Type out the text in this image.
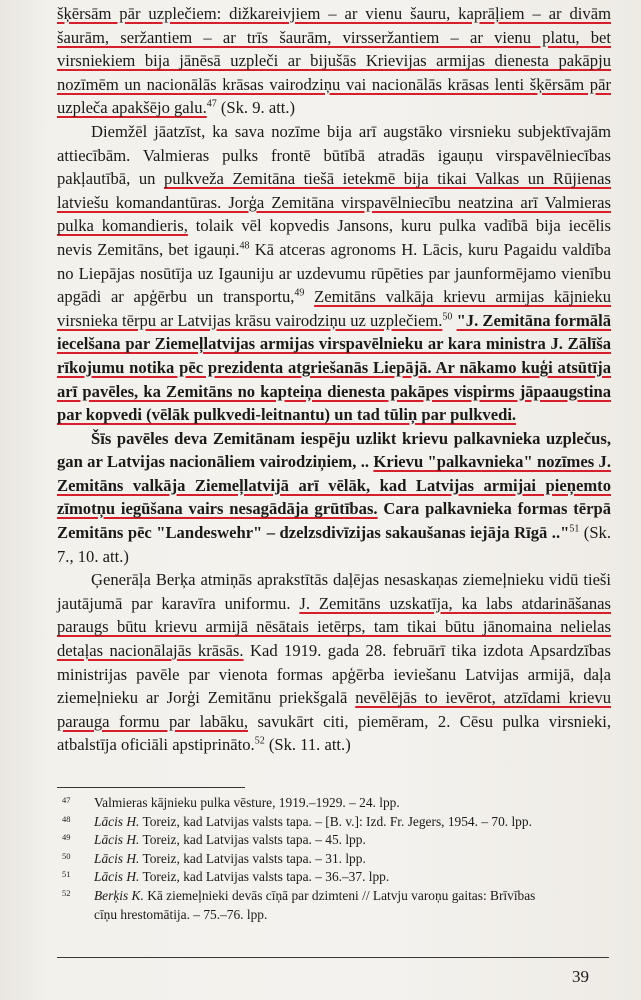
šķērsām pār uzplečiem: dižkareivjiem – ar vienu šauru, kaprāļiem – ar divām šaurām, seržantiem – ar trīs šaurām, virsseržantiem – ar vienu platu, bet virsniekiem bija jānēsā uzpleči ar bijušās Krievijas armijas dienesta pakāpju nozīmēm un nacionālās krāsas vairodziņu vai nacionālās krāsas lenti šķērsām pār uzpleča apakšējo galu.$^{47}$ (Sk. 9. att.)

Diemžēl jāatzīst, ka sava nozīme bija arī augstāko virsnieku subjektīvajām attiecībām. Valmieras pulks frontē būtībā atradās igauņu virspavēlniecības pakļautībā, un pulkveža Zemitāna tiešā ietekmē bija tikai Valkas un Rūjienas latviešu komandantūras. Jorģa Zemitāna virspavēlniecību neatzina arī Valmieras pulka komandieris, tolaik vēl kopvedis Jansons, kuru pulka vadībā bija iecēlis nevis Zemitāns, bet igauņi.$^{48}$ Kā atceras agronoms H. Lācis, kuru Pagaidu valdība no Liepājas nosūtīja uz Igauniju ar uzdevumu rūpēties par jaunformējamo vienību apgādi ar apģērbu un transportu,$^{49}$ Zemitāns valkāja krievu armijas kājnieku virsnieka tērpu ar Latvijas krāsu vairodziņu uz uzplečiem.$^{50}$ "J. Zemitāna formālā iecelšana par Ziemeļlatvijas armijas virspavēlnieku ar kara ministra J. Zālīša rīkojumu notika pēc prezidenta atgriešanās Liepājā. Ar nākamo kuģi atsūtīja arī pavēles, ka Zemitāns no kapteiņa dienesta pakāpes vispirms jāpaaugstina par kopvedi (vēlāk pulkvedi-leitnantu) un tad tūliņ par pulkvedi.

Šīs pavēles deva Zemitānam iespēju uzlikt krievu palkavnieka uzplečus, gan ar Latvijas nacionāliem vairodziņiem, .. Krievu "palkavnieka" nozīmes J. Zemitāns valkāja Ziemeļlatvijā arī vēlāk, kad Latvijas armijai pieņemto zīmotņu iegūšana vairs nesagādāja grūtības. Cara palkavnieka formas tērpā Zemitāns pēc "Landeswehr" – dzelzsdivīzijas sakaušanas iejāja Rīgā .."$^{51}$ (Sk. 7., 10. att.)

Ģenerāļa Berķa atmiņās aprakstītās daļējas nesaskaņas ziemeļnieku vidū tieši jautājumā par karavīra uniformu. J. Zemitāns uzskatīja, ka labs atdarināšanas paraugs būtu krievu armijā nēsātais ietērps, tam tikai būtu jānomaina nelielas detaļas nacionālajās krāsās. Kad 1919. gada 28. februārī tika izdota Apsardzības ministrijas pavēle par vienota formas apģērba ieviešanu Latvijas armijā, daļa ziemeļnieku ar Jorģi Zemitānu priekšgalā nevēlējās to ievērot, atzīdami krievu parauga formu par labāku, savukārt citi, piemēram, 2. Cēsu pulka virsnieki, atbalstīja oficiāli apstiprināto.$^{52}$ (Sk. 11. att.)

47 Valmieras kājnieku pulka vēsture, 1919.–1929. – 24. lpp.
48 Lācis H. Toreiz, kad Latvijas valsts tapa. – [B. v.]: Izd. Fr. Jegers, 1954. – 70. lpp.
49 Lācis H. Toreiz, kad Latvijas valsts tapa. – 45. lpp.
50 Lācis H. Toreiz, kad Latvijas valsts tapa. – 31. lpp.
51 Lācis H. Toreiz, kad Latvijas valsts tapa. – 36.–37. lpp.
52 Berķis K. Kā ziemeļnieki devās cīņā par dzimteni // Latvju varoņu gaitas: Brīvības
cīņu hrestomātija. – 75.–76. lpp.
39
